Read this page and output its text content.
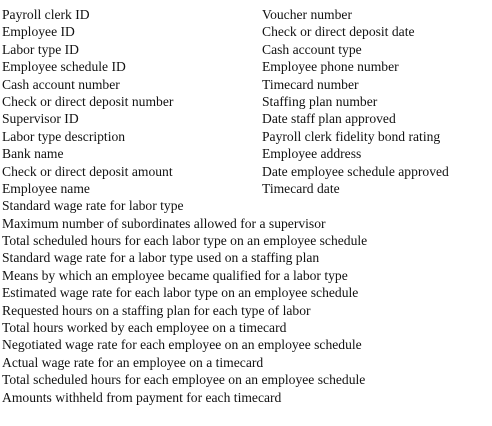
Payroll clerk ID	Voucher number
Employee ID	Check or direct deposit date
Labor type ID	Cash account type
Employee schedule ID	Employee phone number
Cash account number	Timecard number
Check or direct deposit number	Staffing plan number
Supervisor ID	Date staff plan approved
Labor type description	Payroll clerk fidelity bond rating
Bank name	Employee address
Check or direct deposit amount	Date employee schedule approved
Employee name	Timecard date
Standard wage rate for labor type
Maximum number of subordinates allowed for a supervisor
Total scheduled hours for each labor type on an employee schedule
Standard wage rate for a labor type used on a staffing plan
Means by which an employee became qualified for a labor type
Estimated wage rate for each labor type on an employee schedule
Requested hours on a staffing plan for each type of labor
Total hours worked by each employee on a timecard
Negotiated wage rate for each employee on an employee schedule
Actual wage rate for an employee on a timecard
Total scheduled hours for each employee on an employee schedule
Amounts withheld from payment for each timecard
